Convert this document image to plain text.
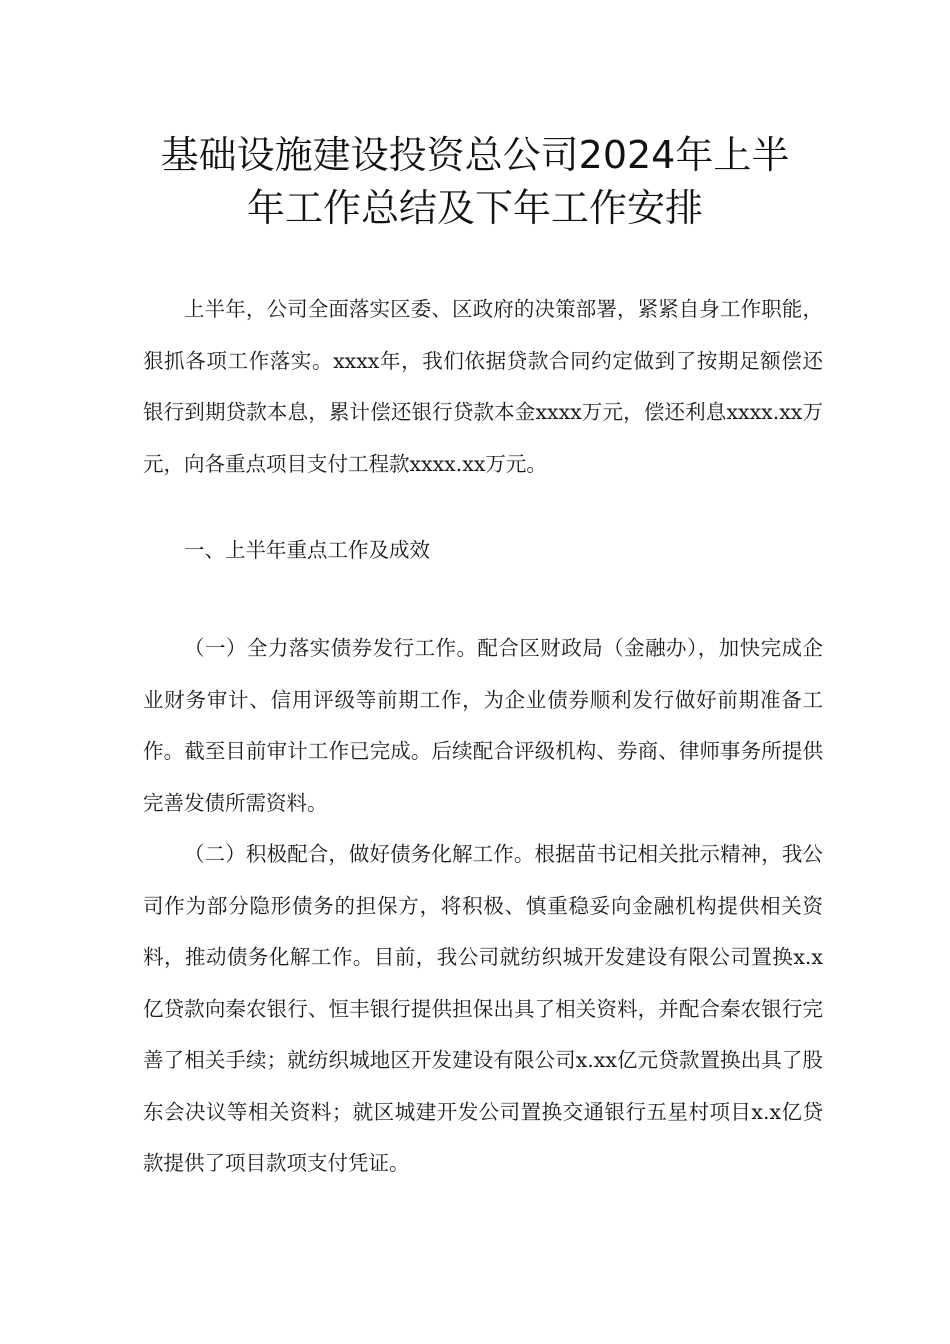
基础设施建设投资总公司2024年上半
年工作总结及下年工作安排

上半年，公司全面落实区委、区政府的决策部署，紧紧自身工作职能，狠抓各项工作落实。xxxx年，我们依据贷款合同约定做到了按期足额偿还银行到期贷款本息，累计偿还银行贷款本金xxxx万元，偿还利息xxxx.xx万元，向各重点项目支付工程款xxxx.xx万元。

一、上半年重点工作及成效

（一）全力落实债券发行工作。配合区财政局（金融办），加快完成企业财务审计、信用评级等前期工作，为企业债券顺利发行做好前期准备工作。截至目前审计工作已完成。后续配合评级机构、券商、律师事务所提供完善发债所需资料。

（二）积极配合，做好债务化解工作。根据苗书记相关批示精神，我公司作为部分隐形债务的担保方，将积极、慎重稳妥向金融机构提供相关资料，推动债务化解工作。目前，我公司就纺织城开发建设有限公司置换x.x亿贷款向秦农银行、恒丰银行提供担保出具了相关资料，并配合秦农银行完善了相关手续；就纺织城地区开发建设有限公司x.xx亿元贷款置换出具了股东会决议等相关资料；就区城建开发公司置换交通银行五星村项目x.x亿贷款提供了项目款项支付凭证。
